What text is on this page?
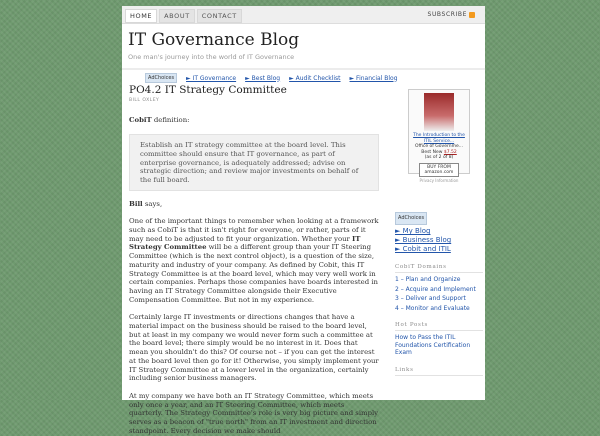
HOME	ABOUT	CONTACT	SUBSCRIBE
IT Governance Blog
One man's journey into the world of IT Governance
AdChoices	► IT Governance ► Best Blog ► Audit Checklist ► Financial Blog
PO4.2 IT Strategy Committee
BILL OXLEY

CobiT definition:

Establish an IT strategy committee at the board level. This committee should ensure that IT governance, as part of enterprise governance, is adequately addressed; advise on strategic direction; and review major investments on behalf of the full board.

Bill says,

One of the important things to remember when looking at a framework such as CobiT is that it isn't right for everyone, or rather, parts of it may need to be adjusted to fit your organization. Whether your IT Strategy Committee will be a different group than your IT Steering Committee (which is the next control object), is a question of the size, maturity and industry of your company. As defined by Cobit, this IT Strategy Committee is at the board level, which may very well work in certain companies. Perhaps those companies have boards interested in having an IT Strategy Committee alongside their Executive Compensation Committee. But not in my experience.

Certainly large IT investments or directions changes that have a material impact on the business should be raised to the board level, but at least in my company we would never form such a committee at the board level; there simply would be no interest in it. Does that mean you shouldn't do this? Of course not – if you can get the interest at the board level then go for it! Otherwise, you simply implement your IT Strategy Committee at a lower level in the organization, certainly including senior business managers.

At my company we have both an IT Strategy Committee, which meets only once a year, and an IT Steering Committee, which meets quarterly. The Strategy Committee's role is very big picture and simply serves as a beacon of "true north" from an IT investment and direction standpoint. Every decision we make should

The Introduction to the ITIL Service...
Office of Governme...
Best New $7.52
(as of 2 of 8)
BUY FROM amazon.com
Privacy Information
AdChoices
► My Blog
► Business Blog
► Cobit and ITIL
CobiT Domains
1 – Plan and Organize
2 – Acquire and Implement
3 – Deliver and Support
4 – Monitor and Evaluate
Hot Posts
How to Pass the ITIL Foundations Certification Exam
Links
